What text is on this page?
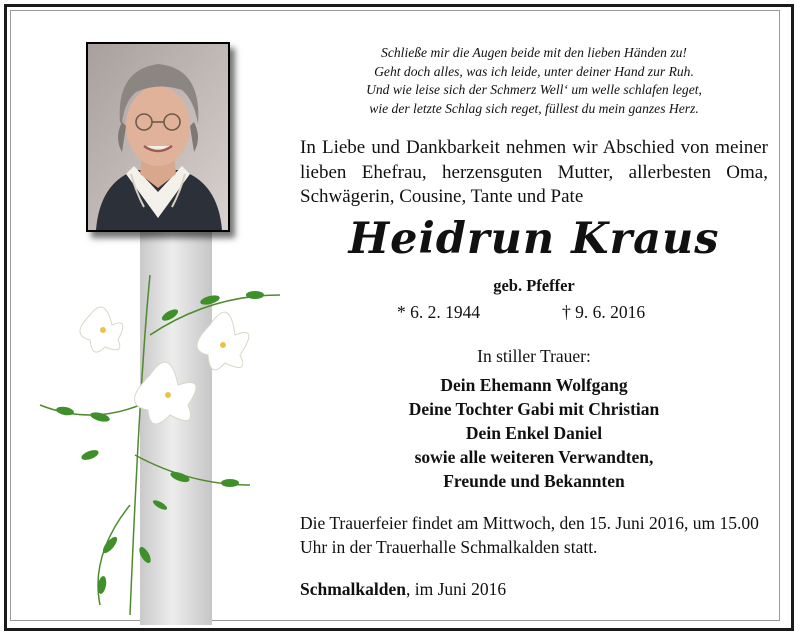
Schließe mir die Augen beide mit den lieben Händen zu!
Geht doch alles, was ich leide, unter deiner Hand zur Ruh.
Und wie leise sich der Schmerz Well‘ um welle schlafen leget,
wie der letzte Schlag sich reget, füllest du mein ganzes Herz.

In Liebe und Dankbarkeit nehmen wir Abschied von meiner lieben Ehefrau, herzensguten Mutter, allerbesten Oma, Schwägerin, Cousine, Tante und Pate

Heidrun Kraus
geb. Pfeffer
* 6. 2. 1944	† 9. 6. 2016
In stiller Trauer:
Dein Ehemann Wolfgang
Deine Tochter Gabi mit Christian
Dein Enkel Daniel
sowie alle weiteren Verwandten,
Freunde und Bekannten

Die Trauerfeier findet am Mittwoch, den 15. Juni 2016, um 15.00 Uhr in der Trauerhalle Schmalkalden statt.

Schmalkalden, im Juni 2016
